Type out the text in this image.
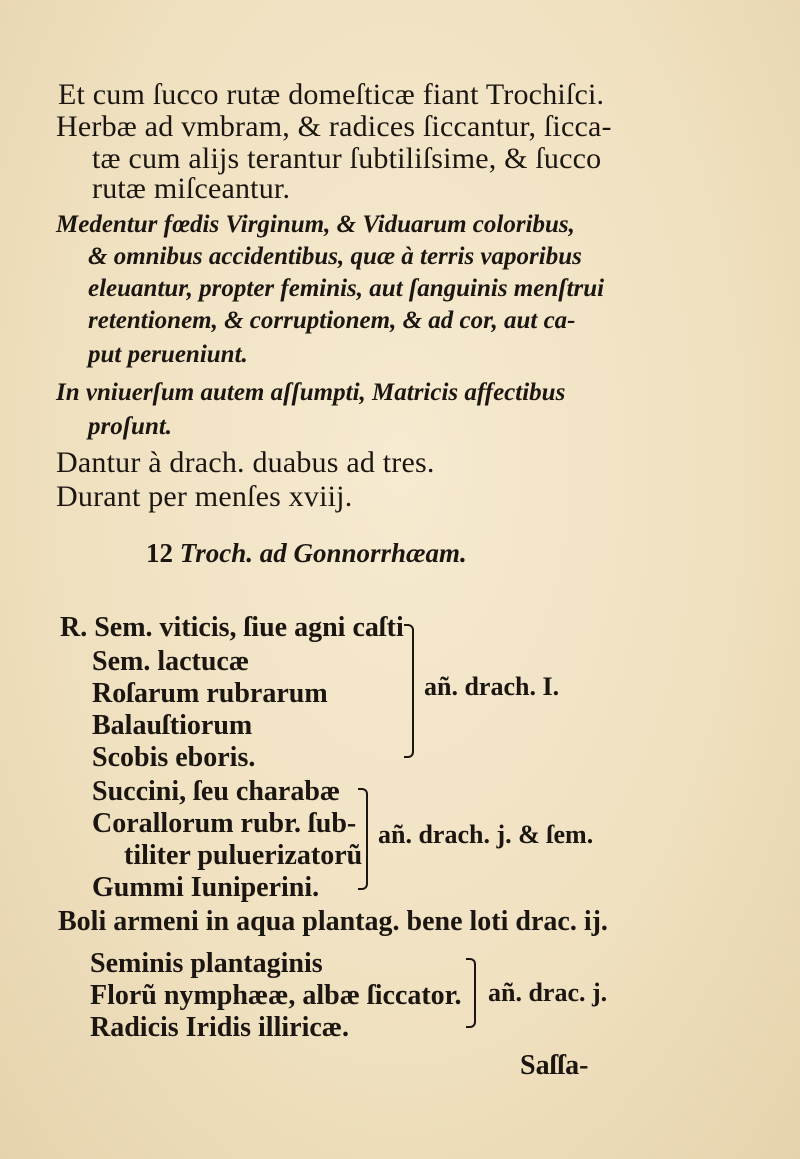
Et cum ſucco rutæ domeſticæ fiant Trochiſci.
Herbæ ad vmbram, & radices ſiccantur, ſicca-
tæ cum alijs terantur ſubtiliſsime, & ſucco
rutæ miſceantur.
Medentur fœdis Virginum, & Viduarum coloribus,
& omnibus accidentibus, quæ à terris vaporibus
eleuantur, propter feminis, aut ſanguinis menſtrui
retentionem, & corruptionem, & ad cor, aut ca-
put perueniunt.
In vniuerſum autem aſſumpti, Matricis affectibus
proſunt.
Dantur à drach. duabus ad tres.
Durant per menſes xviij.
12 Troch. ad Gonnorrhæam.
R. Sem. viticis, ſiue agni caſti
Sem. lactucæ
Roſarum rubrarum
Balauſtiorum
Scobis eboris.
añ. drach. I.
Succini, ſeu charabæ
Corallorum rubr. ſub-
tiliter puluerizatorũ
Gummi Iuniperini.
añ. drach. j. & ſem.
Boli armeni in aqua plantag. bene loti drac. ij.
Seminis plantaginis
Florũ nymphææ, albæ ſiccator.
Radicis Iridis illiricæ.
añ. drac. j.
Saſſa-
